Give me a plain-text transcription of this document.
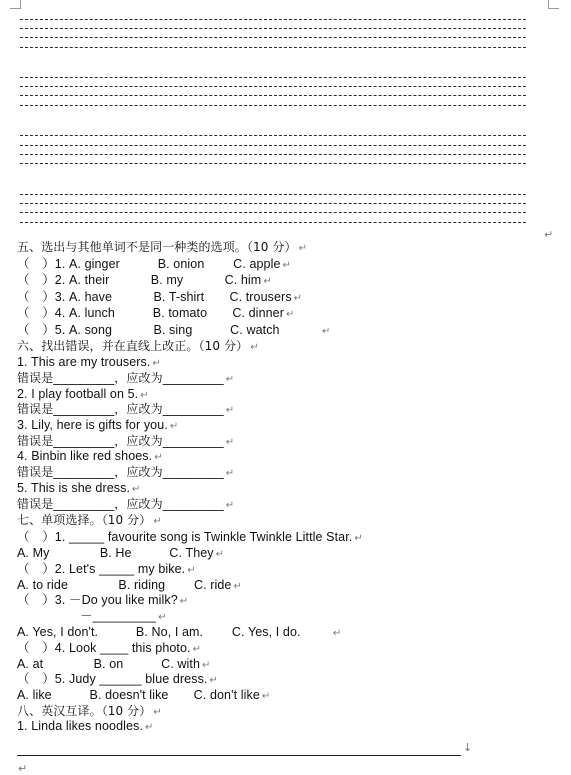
↵
五、选出与其他单词不是同一种类的选项。（10 分） ↵
（　）1. A. ginger　　　B. onion　　 C. apple ↵
（　）2. A. their　　　 B. my　　　 C. him ↵
（　）3. A. have　　　 B. T-shirt　　C. trousers ↵
（　）4. A. lunch　　　B. tomato　　C. dinner ↵
（　）5. A. song　　　 B. sing　　　C. watch　　　　↵
六、找出错误，并在直线上改正。（10 分） ↵
1. This are my trousers. ↵
错误是__________，应改为__________ ↵
2. I play football on 5. ↵
错误是__________，应改为__________ ↵
3. Lily, here is gifts for you. ↵
错误是__________，应改为__________ ↵
4. Binbin like red shoes. ↵
错误是__________，应改为__________ ↵
5. This is she dress. ↵
错误是__________，应改为__________ ↵
七、单项选择。（10 分） ↵
（　）1. _____ favourite song is Twinkle Twinkle Little Star. ↵
A. My　　　　B. He　　　C. They ↵
（　）2. Let's _____ my bike. ↵
A. to ride　　　　B. riding　　 C. ride ↵
（　）3. －Do you like milk? ↵
　　　　　－_________ ↵
A. Yes, I don't.　　　B. No, I am.　　 C. Yes, I do.　　　↵
（　）4. Look ____ this photo. ↵
A. at　　　　B. on　　　C. with ↵
（　）5. Judy ______ blue dress. ↵
A. like　　　B. doesn't like　　C. don't like ↵
八、英汉互译。（10 分） ↵
1. Linda likes noodles. ↵
↓
↵
